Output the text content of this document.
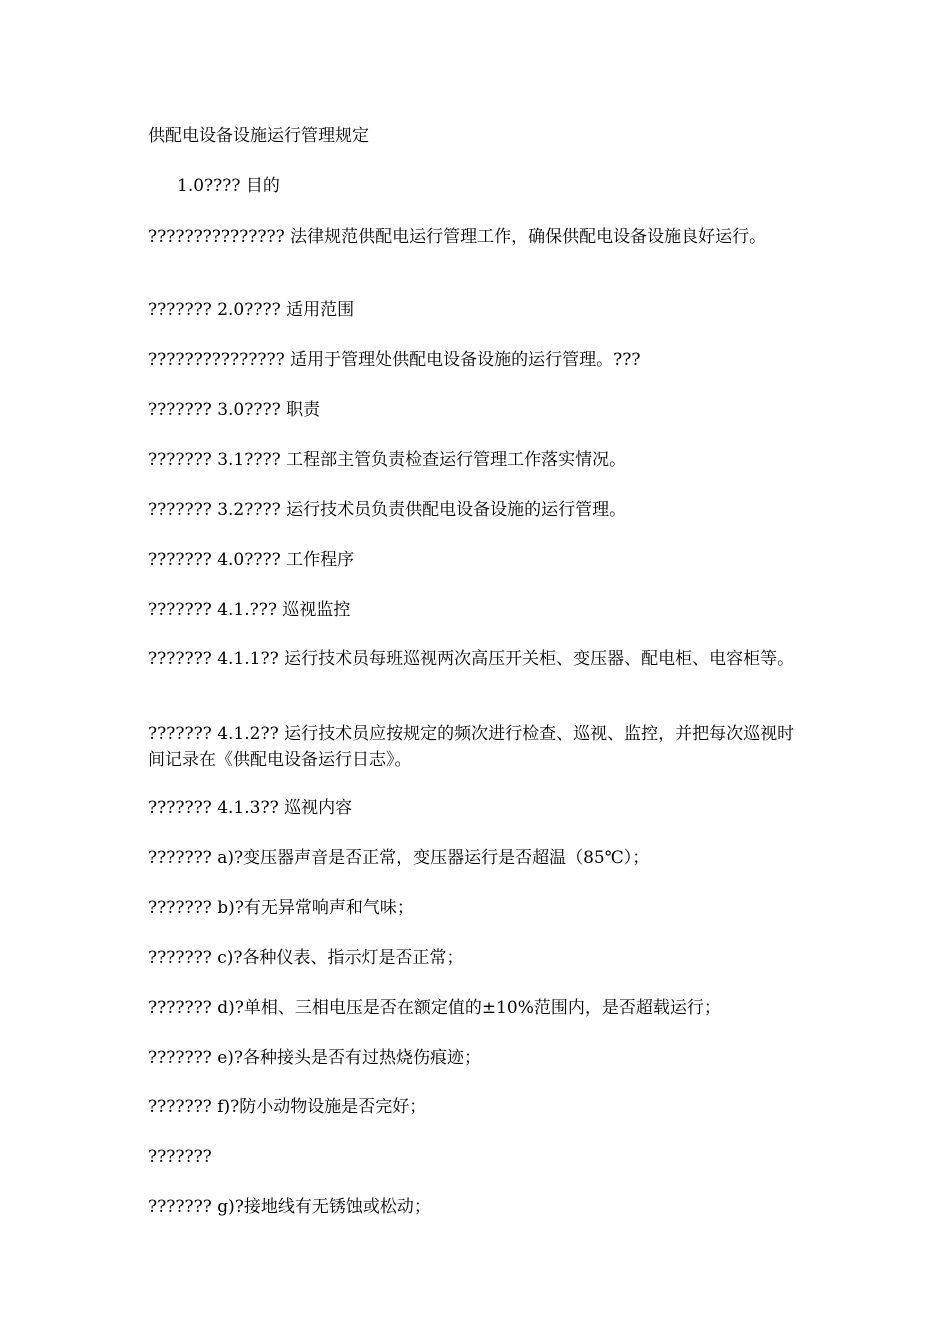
供配电设备设施运行管理规定

1.0???? 目的

??????????????? 法律规范供配电运行管理工作，确保供配电设备设施良好运行。

??????? 2.0???? 适用范围

??????????????? 适用于管理处供配电设备设施的运行管理。???

??????? 3.0???? 职责

??????? 3.1???? 工程部主管负责检查运行管理工作落实情况。

??????? 3.2???? 运行技术员负责供配电设备设施的运行管理。

??????? 4.0???? 工作程序

??????? 4.1.??? 巡视监控

??????? 4.1.1?? 运行技术员每班巡视两次高压开关柜、变压器、配电柜、电容柜等。

??????? 4.1.2?? 运行技术员应按规定的频次进行检查、巡视、监控，并把每次巡视时间记录在《供配电设备运行日志》。

??????? 4.1.3?? 巡视内容

??????? a)?变压器声音是否正常，变压器运行是否超温（85℃）；

??????? b)?有无异常响声和气味；

??????? c)?各种仪表、指示灯是否正常；

??????? d)?单相、三相电压是否在额定值的±10%范围内，是否超载运行；

??????? e)?各种接头是否有过热烧伤痕迹；

??????? f)?防小动物设施是否完好；

???????

??????? g)?接地线有无锈蚀或松动；
